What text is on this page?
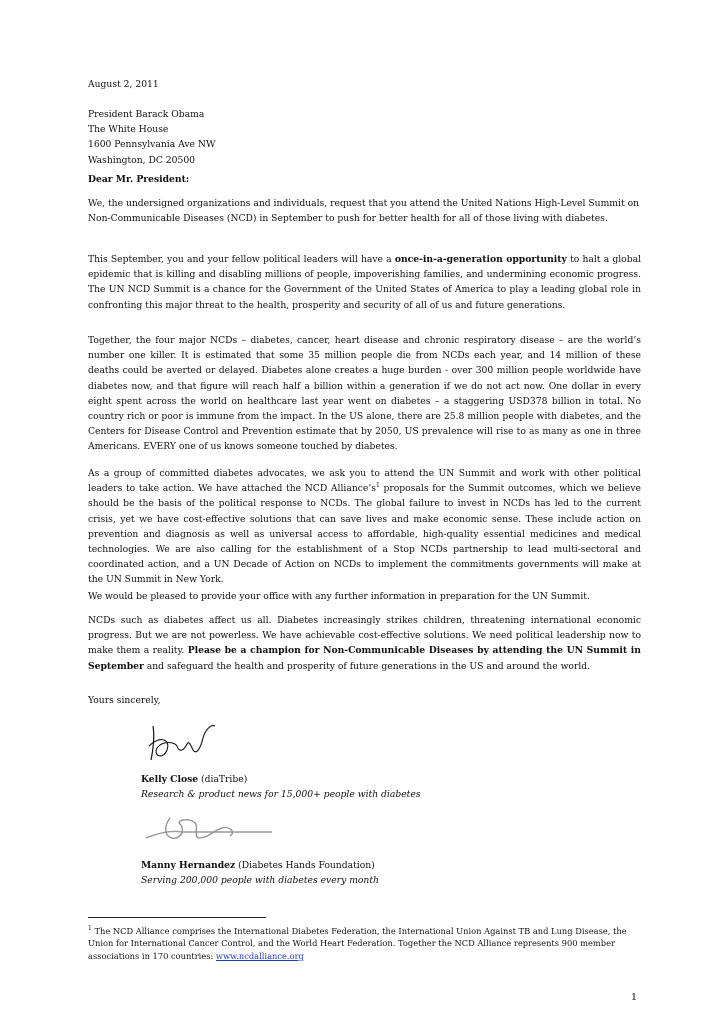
August 2, 2011

President Barack Obama

The White House

1600 Pennsylvania Ave NW

Washington, DC 20500

Dear Mr. President:

We, the undersigned organizations and individuals, request that you attend the United Nations High-Level Summit on Non-Communicable Diseases (NCD) in September to push for better health for all of those living with diabetes.

This September, you and your fellow political leaders will have a once-in-a-generation opportunity to halt a global epidemic that is killing and disabling millions of people, impoverishing families, and undermining economic progress. The UN NCD Summit is a chance for the Government of the United States of America to play a leading global role in confronting this major threat to the health, prosperity and security of all of us and future generations.

Together, the four major NCDs – diabetes, cancer, heart disease and chronic respiratory disease – are the world’s number one killer. It is estimated that some 35 million people die from NCDs each year, and 14 million of these deaths could be averted or delayed. Diabetes alone creates a huge burden - over 300 million people worldwide have diabetes now, and that figure will reach half a billion within a generation if we do not act now. One dollar in every eight spent across the world on healthcare last year went on diabetes – a staggering USD378 billion in total. No country rich or poor is immune from the impact. In the US alone, there are 25.8 million people with diabetes, and the Centers for Disease Control and Prevention estimate that by 2050, US prevalence will rise to as many as one in three Americans. EVERY one of us knows someone touched by diabetes.

As a group of committed diabetes advocates, we ask you to attend the UN Summit and work with other political leaders to take action. We have attached the NCD $Alliance’s^1$ proposals for the Summit outcomes, which we believe should be the basis of the political response to NCDs. The global failure to invest in NCDs has led to the current crisis, yet we have cost-effective solutions that can save lives and make economic sense. These include action on prevention and diagnosis as well as universal access to affordable, high-quality essential medicines and medical technologies. We are also calling for the establishment of a Stop NCDs partnership to lead multi-sectoral and coordinated action, and a UN Decade of Action on NCDs to implement the commitments governments will make at the UN Summit in New York.

We would be pleased to provide your office with any further information in preparation for the UN Summit.

NCDs such as diabetes affect us all. Diabetes increasingly strikes children, threatening international economic progress. But we are not powerless. We have achievable cost-effective solutions. We need political leadership now to make them a reality. Please be a champion for Non-Communicable Diseases by attending the UN Summit in September and safeguard the health and prosperity of future generations in the US and around the world.

Yours sincerely,

Kelly Close (diaTribe)

Research & product news for 15,000+ people with diabetes

Manny Hernandez (Diabetes Hands Foundation)

Serving 200,000 people with diabetes every month

$^1$ The NCD Alliance comprises the International Diabetes Federation, the International Union Against TB and Lung Disease, the Union for International Cancer Control, and the World Heart Federation. Together the NCD Alliance represents 900 member associations in 170 countries: www.ncdalliance.org

1
